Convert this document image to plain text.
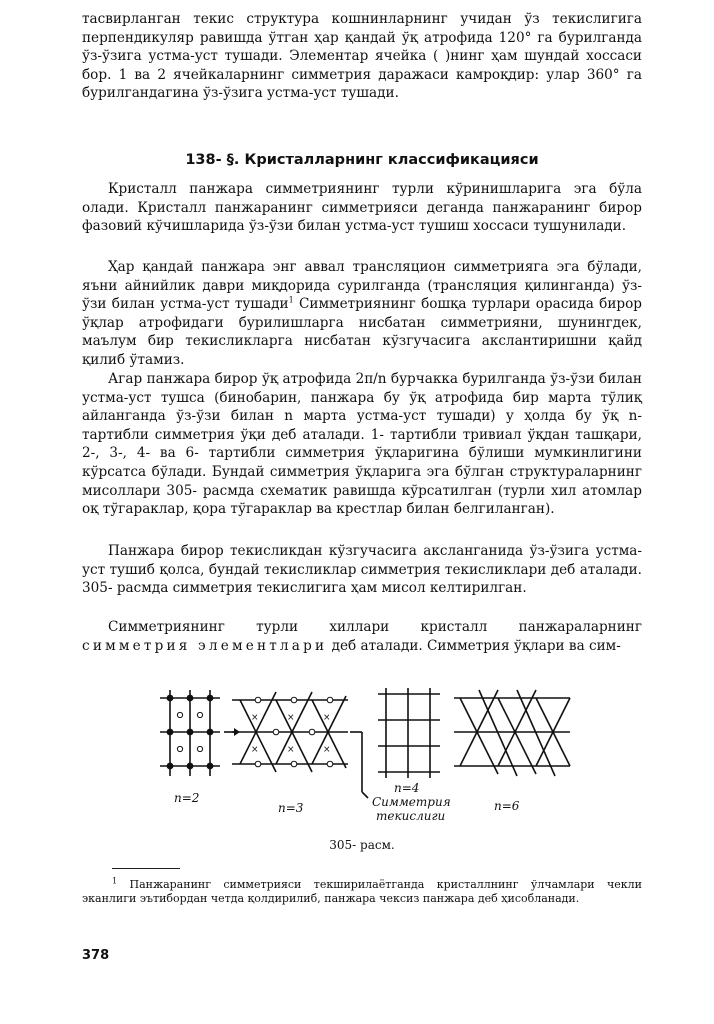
тасвирланган текис структура кошнинларнинг учидан ўз текислигига перпендикуляр равишда ўтган ҳар қандай ўқ атрофида 120° га бурилганда ўз-ўзига устма-уст тушади. Элементар ячейка ( )нинг ҳам шундай хоссаси бор. 1 ва 2 ячейкаларнинг симметрия даражаси камроқдир: улар 360° га бурилгандагина ўз-ўзига устма-уст тушади.

138- §. Кристалларнинг классификацияси

Кристалл панжара симметриянинг турли кўринишларига эга бўла олади. Кристалл панжаранинг симметрияси деганда панжаранинг бирор фазовий кўчишларида ўз-ўзи билан устма-уст тушиш хоссаси тушунилади.

Ҳар қандай панжара энг аввал трансляцион симметрияга эга бўлади, яъни айнийлик даври миқдорида сурилганда (трансляция қилинганда) ўз-ўзи билан устма-уст тушади$^1$ Симметриянинг бошқа турлари орасида бирор ўқлар атрофидаги бурилишларга нисбатан симметрияни, шунингдек, маълум бир текисликларга нисбатан кўзгучасига акслантиришни қайд қилиб ўтамиз.

Агар панжара бирор ўқ атрофида 2π/n бурчакка бурилганда ўз-ўзи билан устма-уст тушса (бинобарин, панжара бу ўқ атрофида бир марта тўлиқ айланганда ўз-ўзи билан n марта устма-уст тушади) у ҳолда бу ўқ n- тартибли симметрия ўқи деб аталади. 1- тартибли тривиал ўқдан ташқари, 2-, 3-, 4- ва 6- тартибли симметрия ўқларигина бўлиши мумкинлигини кўрсатса бўлади. Бундай симметрия ўқларига эга бўлган структураларнинг мисоллари 305- расмда схематик равишда кўрсатилган (турли хил атомлар оқ тўгараклар, қора тўгараклар ва крестлар билан белгиланган).

Панжара бирор текисликдан кўзгучасига аксланганида ўз-ўзига устма-уст тушиб қолса, бундай текисликлар симметрия текисликлари деб аталади. 305- расмда симметрия текислигига ҳам мисол келтирилган.

Симметриянинг турли хиллари кристалл панжараларнинг симметрия элементлари деб аталади. Симметрия ўқлари ва сим-

n=2
×	×	×
×	×	×
n=3
n=4
Симметрия
текислиги
n=6

305- расм.

$^1$ Панжаранинг симметрияси текширилаётганда кристаллнинг ўлчамлари чекли эканлиги эътибордан четда қолдирилиб, панжара чексиз панжара деб ҳисобланади.

378
